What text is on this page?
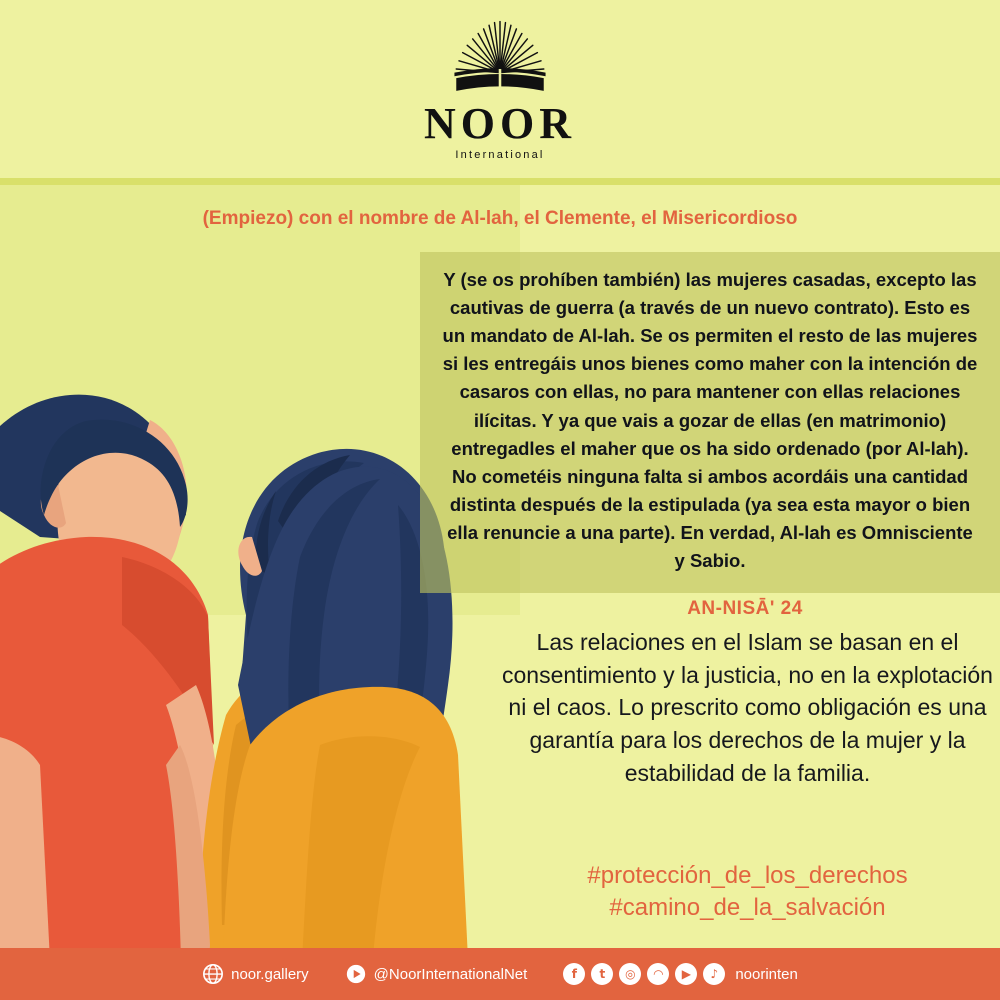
NOOR
International
(Empiezo) con el nombre de Al-lah, el Clemente, el Misericordioso
Y (se os prohíben también) las mujeres casadas, excepto las cautivas de guerra (a través de un nuevo contrato). Esto es un mandato de Al-lah. Se os permiten el resto de las mujeres si les entregáis unos bienes como maher con la intención de casaros con ellas, no para mantener con ellas relaciones ilícitas. Y ya que vais a gozar de ellas (en matrimonio) entregadles el maher que os ha sido ordenado (por Al-lah). No cometéis ninguna falta si ambos acordáis una cantidad distinta después de la estipulada (ya sea esta mayor o bien ella renuncie a una parte). En verdad, Al-lah es Omnisciente y Sabio.
AN-NISĀ' 24
Las relaciones en el Islam se basan en el consentimiento y la justicia, no en la explotación ni el caos. Lo prescrito como obligación es una garantía para los derechos de la mujer y la estabilidad de la familia.
#protección_de_los_derechos
#camino_de_la_salvación
noor.gallery	@NoorInternationalNet	f	t	◎	◠	▶	♪	noorinten
